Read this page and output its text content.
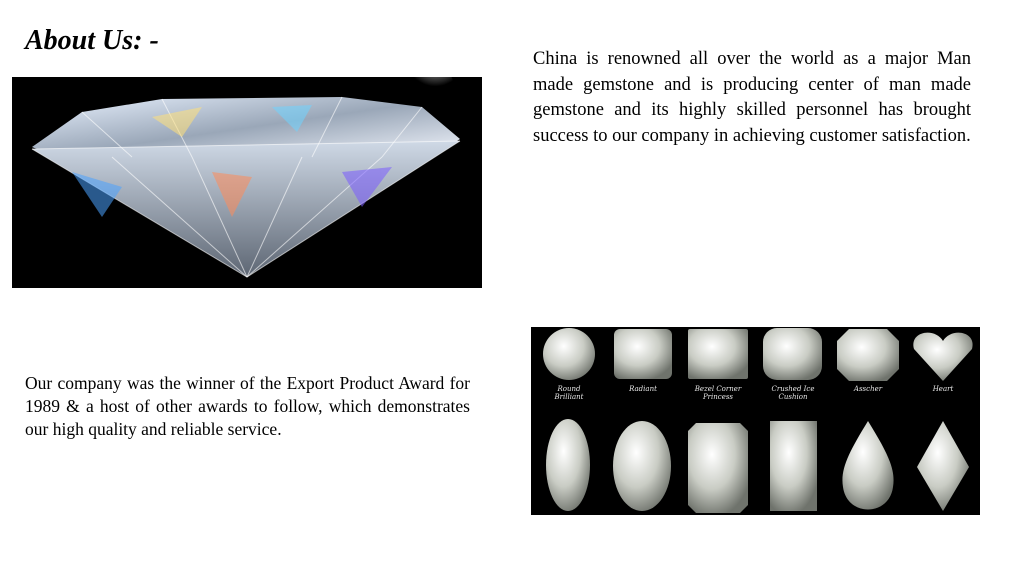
About Us: -

China is renowned all over the world as a major Man made gemstone and is producing center of man made gemstone and its highly skilled personnel has brought success to our company in achieving customer satisfaction.

Our company was the winner of the Export Product Award for 1989 & a host of other awards to follow, which demonstrates our high quality and reliable service.

Round
Brilliant
Radiant	Bezel Corner
Princess
Crushed Ice
Cushion
Asscher	Heart
